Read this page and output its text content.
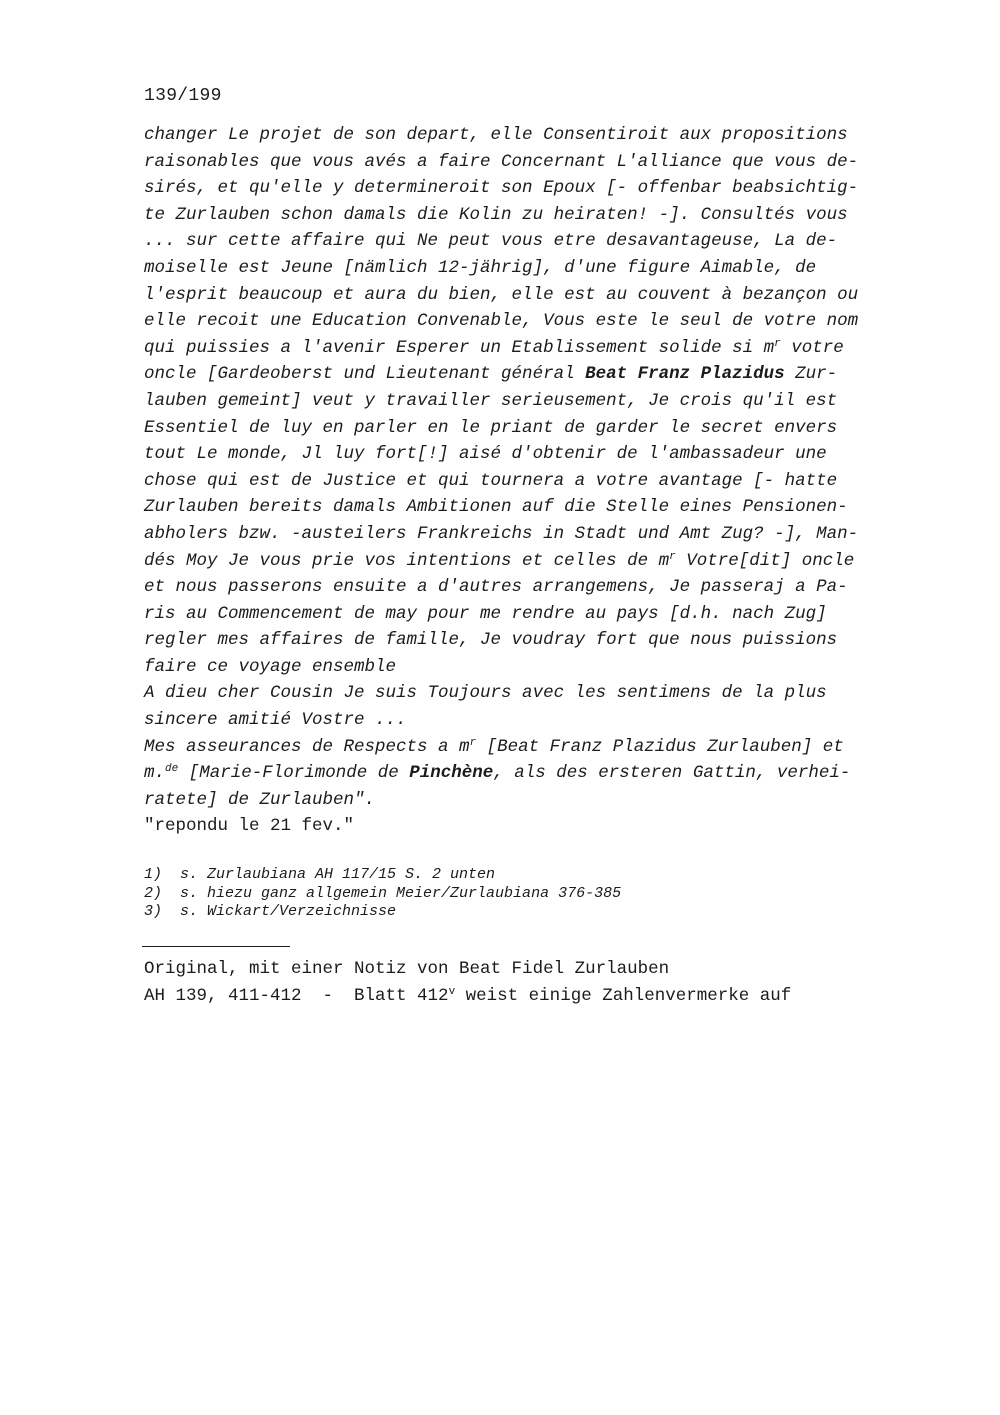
139/199
changer Le projet de son depart, elle Consentiroit aux propositions
raisonables que vous avés a faire Concernant L'alliance que vous de-
sirés, et qu'elle y determineroit son Epoux [- offenbar beabsichtig-
te Zurlauben schon damals die Kolin zu heiraten! -]. Consultés vous
... sur cette affaire qui Ne peut vous etre desavantageuse, La de-
moiselle est Jeune [nämlich 12-jährig], d'une figure Aimable, de
l'esprit beaucoup et aura du bien, elle est au couvent à bezançon ou
elle recoit une Education Convenable, Vous este le seul de votre nom
qui puissies a l'avenir Esperer un Etablissement solide si $m^r$ votre
oncle [Gardeoberst und Lieutenant général Beat Franz Plazidus Zur-
lauben gemeint] veut y travailler serieusement, Je crois qu'il est
Essentiel de luy en parler en le priant de garder le secret envers
tout Le monde, Jl luy fort[!] aisé d'obtenir de l'ambassadeur une
chose qui est de Justice et qui tournera a votre avantage [- hatte
Zurlauben bereits damals Ambitionen auf die Stelle eines Pensionen-
abholers bzw. -austeilers Frankreichs in Stadt und Amt Zug? -], Man-
dés Moy Je vous prie vos intentions et celles de $m^r$ Votre[dit] oncle
et nous passerons ensuite a d'autres arrangemens, Je passeraj a Pa-
ris au Commencement de may pour me rendre au pays [d.h. nach Zug]
regler mes affaires de famille, Je voudray fort que nous puissions
faire ce voyage ensemble
A dieu cher Cousin Je suis Toujours avec les sentimens de la plus
sincere amitié Vostre ...
Mes asseurances de Respects a $m^r$ [Beat Franz Plazidus Zurlauben] et
m.$^{de}$ [Marie-Florimonde de Pinchène, als des ersteren Gattin, verhei-
ratete] de Zurlauben".
"repondu le 21 fev."
1)  s. Zurlaubiana AH 117/15 S. 2 unten
2)  s. hiezu ganz allgemein Meier/Zurlaubiana 376-385
3)  s. Wickart/Verzeichnisse
Original, mit einer Notiz von Beat Fidel Zurlauben
AH 139, 411-412  -  Blatt 412$^v$ weist einige Zahlenvermerke auf
